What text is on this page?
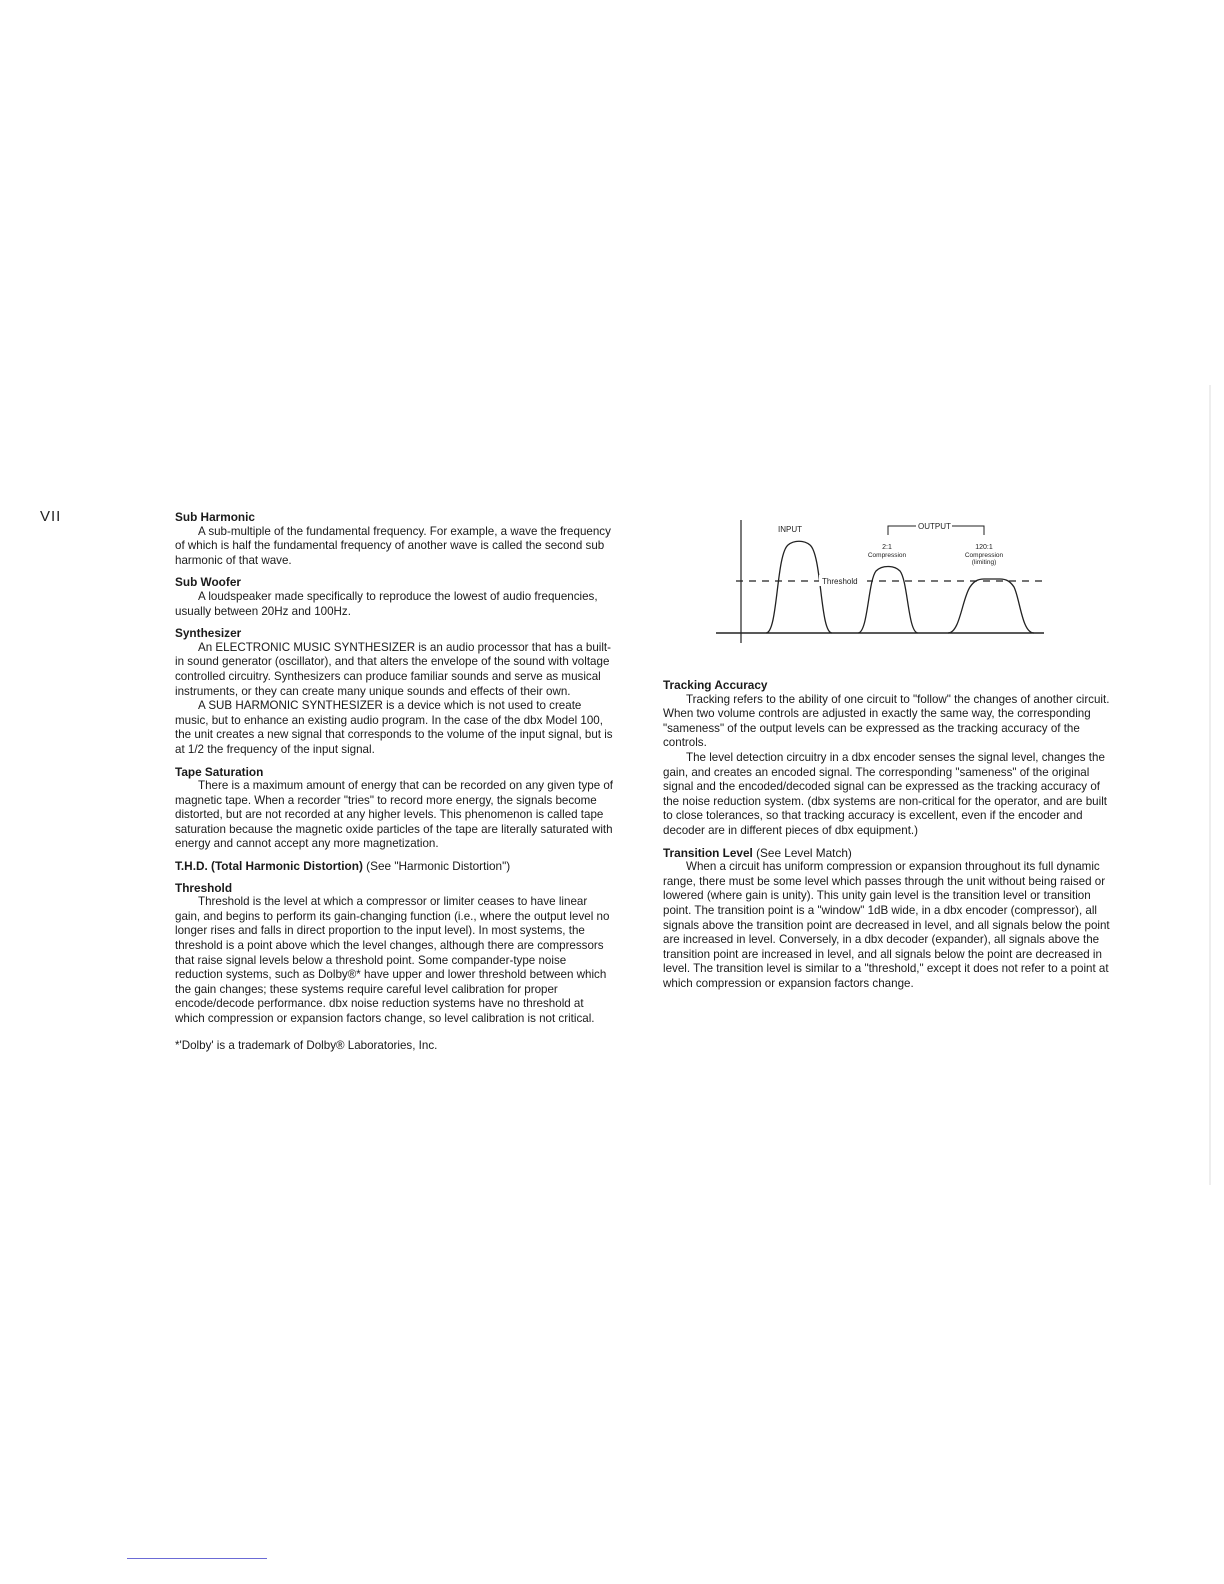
VII	Sub Harmonic

A sub-multiple of the fundamental frequency. For example, a wave the frequency of which is half the fundamental frequency of another wave is called the second sub harmonic of that wave.

Sub Woofer

A loudspeaker made specifically to reproduce the lowest of audio frequencies, usually between 20Hz and 100Hz.

Synthesizer

An ELECTRONIC MUSIC SYNTHESIZER is an audio processor that has a built-in sound generator (oscillator), and that alters the envelope of the sound with voltage controlled circuitry. Synthesizers can produce familiar sounds and serve as musical instruments, or they can create many unique sounds and effects of their own.

A SUB HARMONIC SYNTHESIZER is a device which is not used to create music, but to enhance an existing audio program. In the case of the dbx Model 100, the unit creates a new signal that corresponds to the volume of the input signal, but is at 1/2 the frequency of the input signal.

Tape Saturation

There is a maximum amount of energy that can be recorded on any given type of magnetic tape. When a recorder "tries" to record more energy, the signals become distorted, but are not recorded at any higher levels. This phenomenon is called tape saturation because the magnetic oxide particles of the tape are literally saturated with energy and cannot accept any more magnetization.

T.H.D. (Total Harmonic Distortion) (See "Harmonic Distortion")

Threshold

Threshold is the level at which a compressor or limiter ceases to have linear gain, and begins to perform its gain-changing function (i.e., where the output level no longer rises and falls in direct proportion to the input level). In most systems, the threshold is a point above which the level changes, although there are compressors that raise signal levels below a threshold point. Some compander-type noise reduction systems, such as Dolby®* have upper and lower threshold between which the gain changes; these systems require careful level calibration for proper encode/decode performance. dbx noise reduction systems have no threshold at which compression or expansion factors change, so level calibration is not critical.

*'Dolby' is a trademark of Dolby® Laboratories, Inc.
Threshold
INPUT	OUTPUT
2:1
Compression
120:1
Compression
(limiting)

Tracking Accuracy

Tracking refers to the ability of one circuit to "follow" the changes of another circuit. When two volume controls are adjusted in exactly the same way, the corresponding "sameness" of the output levels can be expressed as the tracking accuracy of the controls.

The level detection circuitry in a dbx encoder senses the signal level, changes the gain, and creates an encoded signal. The corresponding "sameness" of the original signal and the encoded/decoded signal can be expressed as the tracking accuracy of the noise reduction system. (dbx systems are non-critical for the operator, and are built to close tolerances, so that tracking accuracy is excellent, even if the encoder and decoder are in different pieces of dbx equipment.)

Transition Level (See Level Match)

When a circuit has uniform compression or expansion throughout its full dynamic range, there must be some level which passes through the unit without being raised or lowered (where gain is unity). This unity gain level is the transition level or transition point. The transition point is a "window" 1dB wide, in a dbx encoder (compressor), all signals above the transition point are decreased in level, and all signals below the point are increased in level. Conversely, in a dbx decoder (expander), all signals above the transition point are increased in level, and all signals below the point are decreased in level. The transition level is similar to a "threshold," except it does not refer to a point at which compression or expansion factors change.
